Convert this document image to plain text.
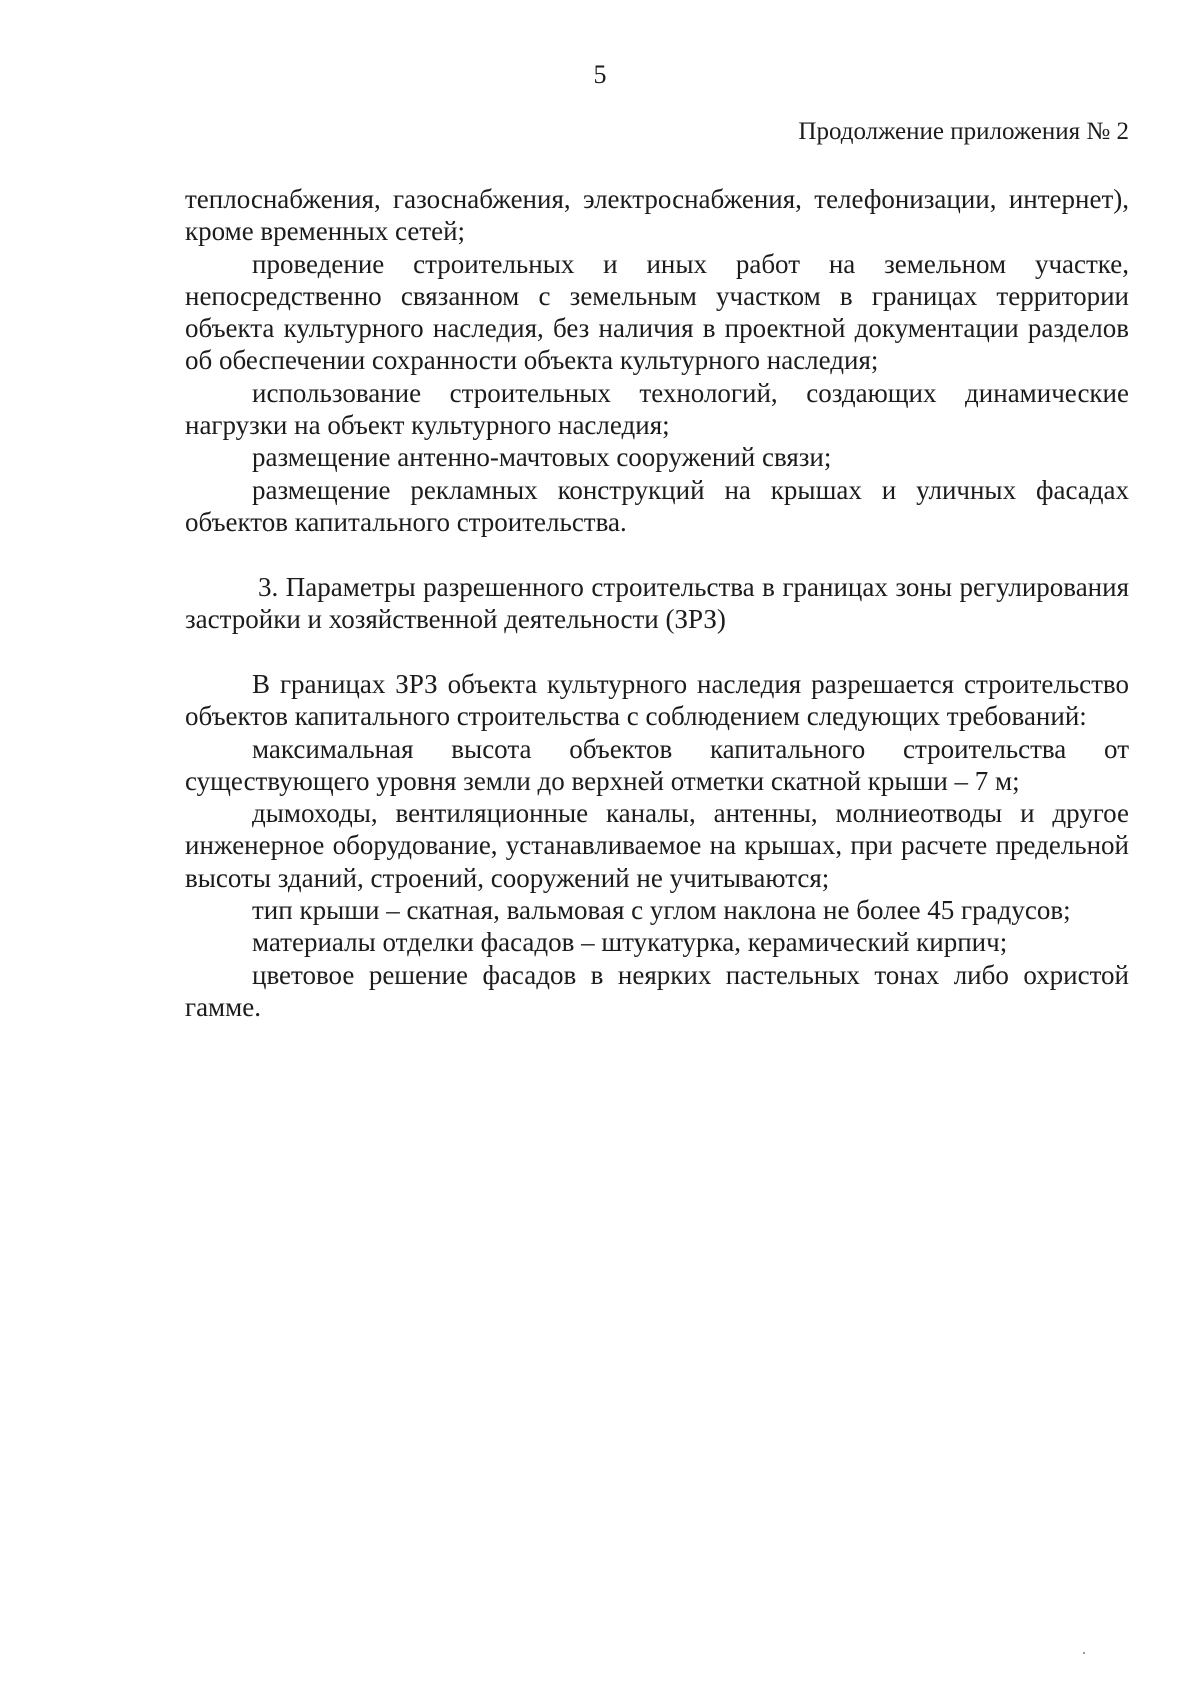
5
Продолжение приложения № 2

теплоснабжения, газоснабжения, электроснабжения, телефонизации, интернет), кроме временных сетей;

проведение строительных и иных работ на земельном участке, непосредственно связанном с земельным участком в границах территории объекта культурного наследия, без наличия в проектной документации разделов об обеспечении сохранности объекта культурного наследия;

использование строительных технологий, создающих динамические нагрузки на объект культурного наследия;

размещение антенно-мачтовых сооружений связи;

размещение рекламных конструкций на крышах и уличных фасадах объектов капитального строительства.

3. Параметры разрешенного строительства в границах зоны регулирования застройки и хозяйственной деятельности (ЗРЗ)

В границах ЗРЗ объекта культурного наследия разрешается строительство объектов капитального строительства с соблюдением следующих требований:

максимальная высота объектов капитального строительства от существующего уровня земли до верхней отметки скатной крыши – 7 м;

дымоходы, вентиляционные каналы, антенны, молниеотводы и другое инженерное оборудование, устанавливаемое на крышах, при расчете предельной высоты зданий, строений, сооружений не учитываются;

тип крыши – скатная, вальмовая с углом наклона не более 45 градусов;

материалы отделки фасадов – штукатурка, керамический кирпич;

цветовое решение фасадов в неярких пастельных тонах либо охристой гамме.
